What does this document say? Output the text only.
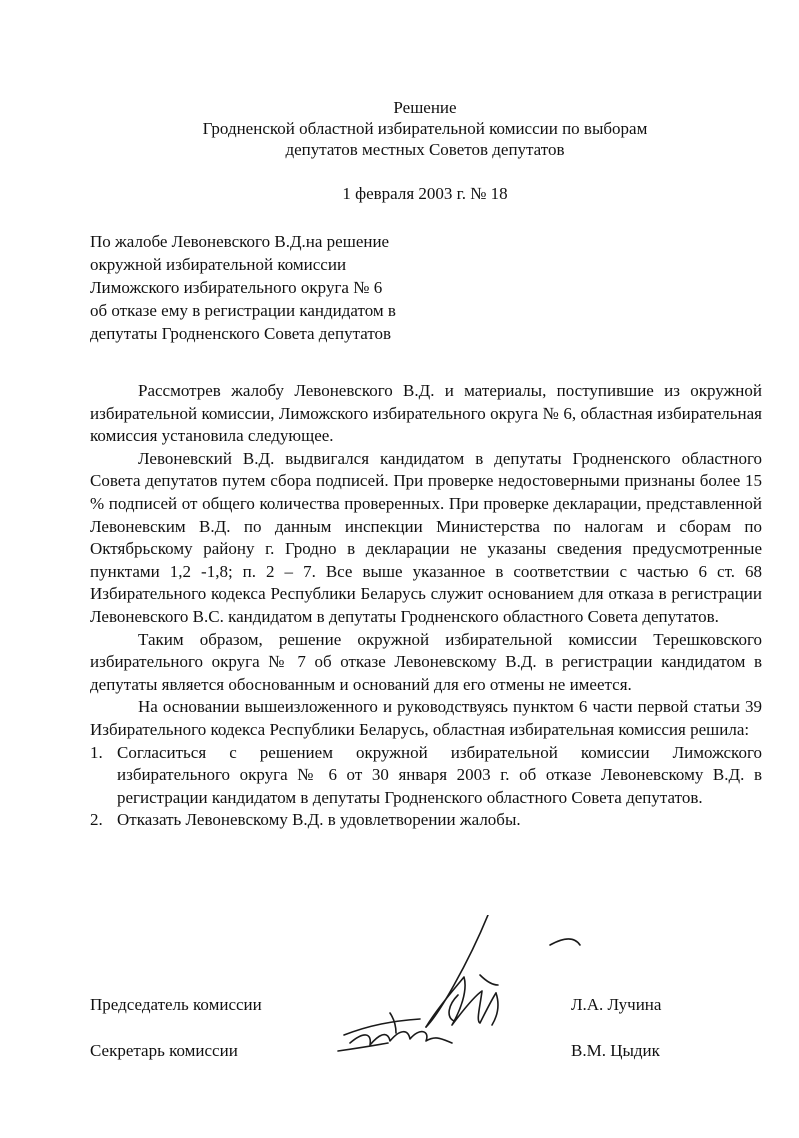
Решение
Гродненской областной избирательной комиссии по выборам
депутатов местных Советов депутатов
1 февраля 2003 г. № 18
По жалобе Левоневского В.Д.на решение
окружной избирательной комиссии
Лиможского избирательного округа № 6
об отказе ему в регистрации кандидатом в
депутаты Гродненского Совета депутатов

Рассмотрев жалобу Левоневского В.Д. и материалы, поступившие из окружной избирательной комиссии, Лиможского избирательного округа № 6, областная избирательная комиссия установила следующее.

Левоневский В.Д. выдвигался кандидатом в депутаты Гродненского областного Совета депутатов путем сбора подписей. При проверке недостоверными признаны более 15 % подписей от общего количества проверенных. При проверке декларации, представленной Левоневским В.Д. по данным инспекции Министерства по налогам и сборам по Октябрьскому району г. Гродно в декларации не указаны сведения предусмотренные пунктами 1,2 -1,8; п. 2 – 7. Все выше указанное в соответствии с частью 6 ст. 68 Избирательного кодекса Республики Беларусь служит основанием для отказа в регистрации Левоневского В.С. кандидатом в депутаты Гродненского областного Совета депутатов.

Таким образом, решение окружной избирательной комиссии Терешковского избирательного округа № 7 об отказе Левоневскому В.Д. в регистрации кандидатом в депутаты является обоснованным и оснований для его отмены не имеется.

На основании вышеизложенного и руководствуясь пунктом 6 части первой статьи 39 Избирательного кодекса Республики Беларусь, областная избирательная комиссия решила:

1. Согласиться с решением окружной избирательной комиссии Лиможского избирательного округа № 6 от 30 января 2003 г. об отказе Левоневскому В.Д. в регистрации кандидатом в депутаты Гродненского областного Совета депутатов.
2. Отказать Левоневскому В.Д. в удовлетворении жалобы.
Председатель комиссии	Л.А. Лучина
Секретарь комиссии	В.М. Цыдик
